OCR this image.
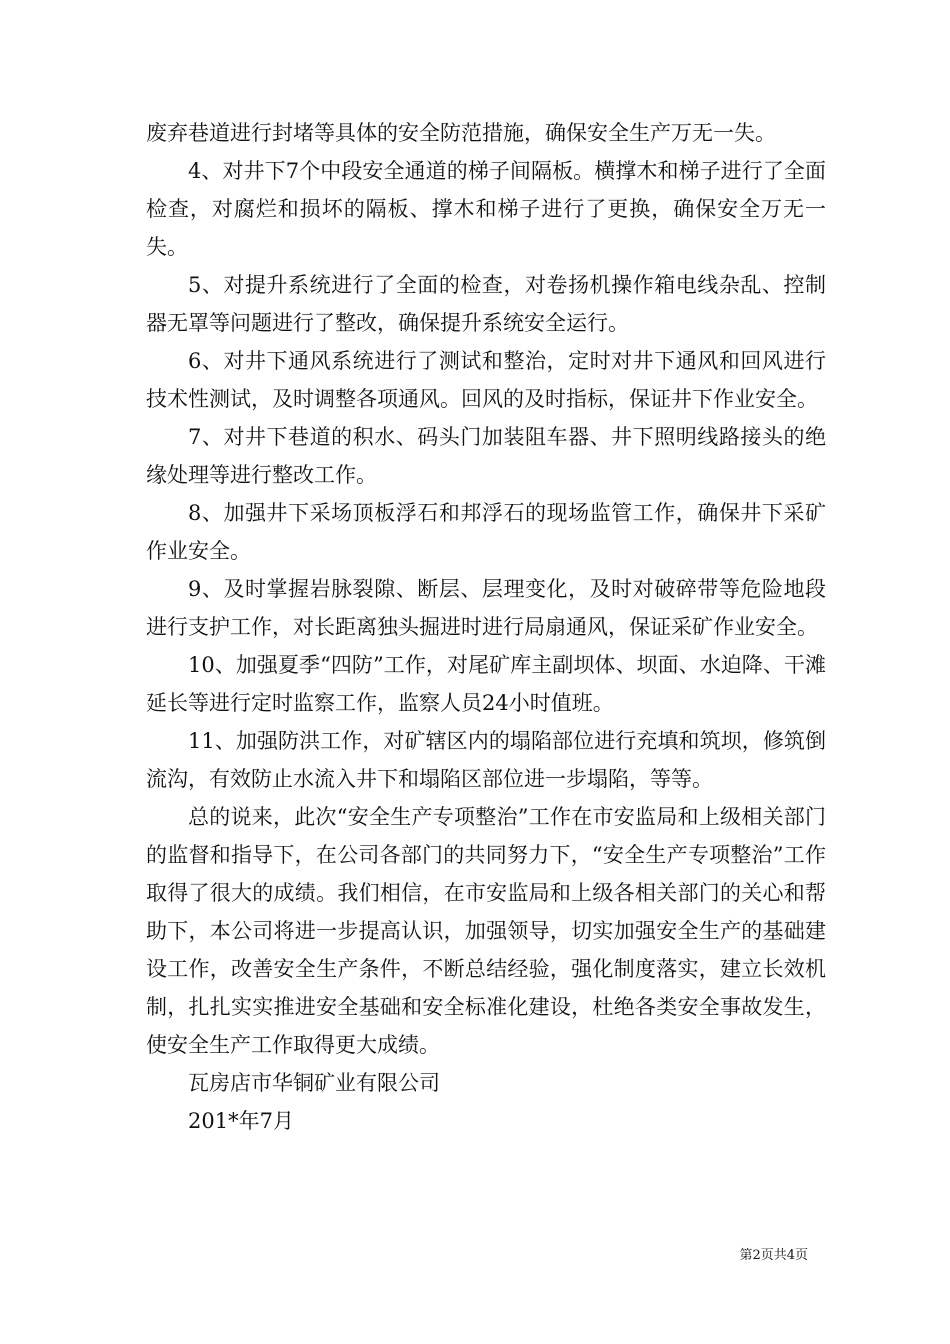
废弃巷道进行封堵等具体的安全防范措施，确保安全生产万无一失。

4、对井下7个中段安全通道的梯子间隔板。横撑木和梯子进行了全面检查，对腐烂和损坏的隔板、撑木和梯子进行了更换，确保安全万无一失。

5、对提升系统进行了全面的检查，对卷扬机操作箱电线杂乱、控制器无罩等问题进行了整改，确保提升系统安全运行。

6、对井下通风系统进行了测试和整治，定时对井下通风和回风进行技术性测试，及时调整各项通风。回风的及时指标，保证井下作业安全。

7、对井下巷道的积水、码头门加装阻车器、井下照明线路接头的绝缘处理等进行整改工作。

8、加强井下采场顶板浮石和邦浮石的现场监管工作，确保井下采矿作业安全。

9、及时掌握岩脉裂隙、断层、层理变化，及时对破碎带等危险地段进行支护工作，对长距离独头掘进时进行局扇通风，保证采矿作业安全。

10、加强夏季“四防”工作，对尾矿库主副坝体、坝面、水迫降、干滩延长等进行定时监察工作，监察人员24小时值班。

11、加强防洪工作，对矿辖区内的塌陷部位进行充填和筑坝，修筑倒流沟，有效防止水流入井下和塌陷区部位进一步塌陷，等等。

总的说来，此次“安全生产专项整治”工作在市安监局和上级相关部门的监督和指导下，在公司各部门的共同努力下，“安全生产专项整治”工作取得了很大的成绩。我们相信，在市安监局和上级各相关部门的关心和帮助下，本公司将进一步提高认识，加强领导，切实加强安全生产的基础建设工作，改善安全生产条件，不断总结经验，强化制度落实，建立长效机制，扎扎实实推进安全基础和安全标准化建设，杜绝各类安全事故发生，使安全生产工作取得更大成绩。

瓦房店市华铜矿业有限公司

201*年7月

第2页共4页
